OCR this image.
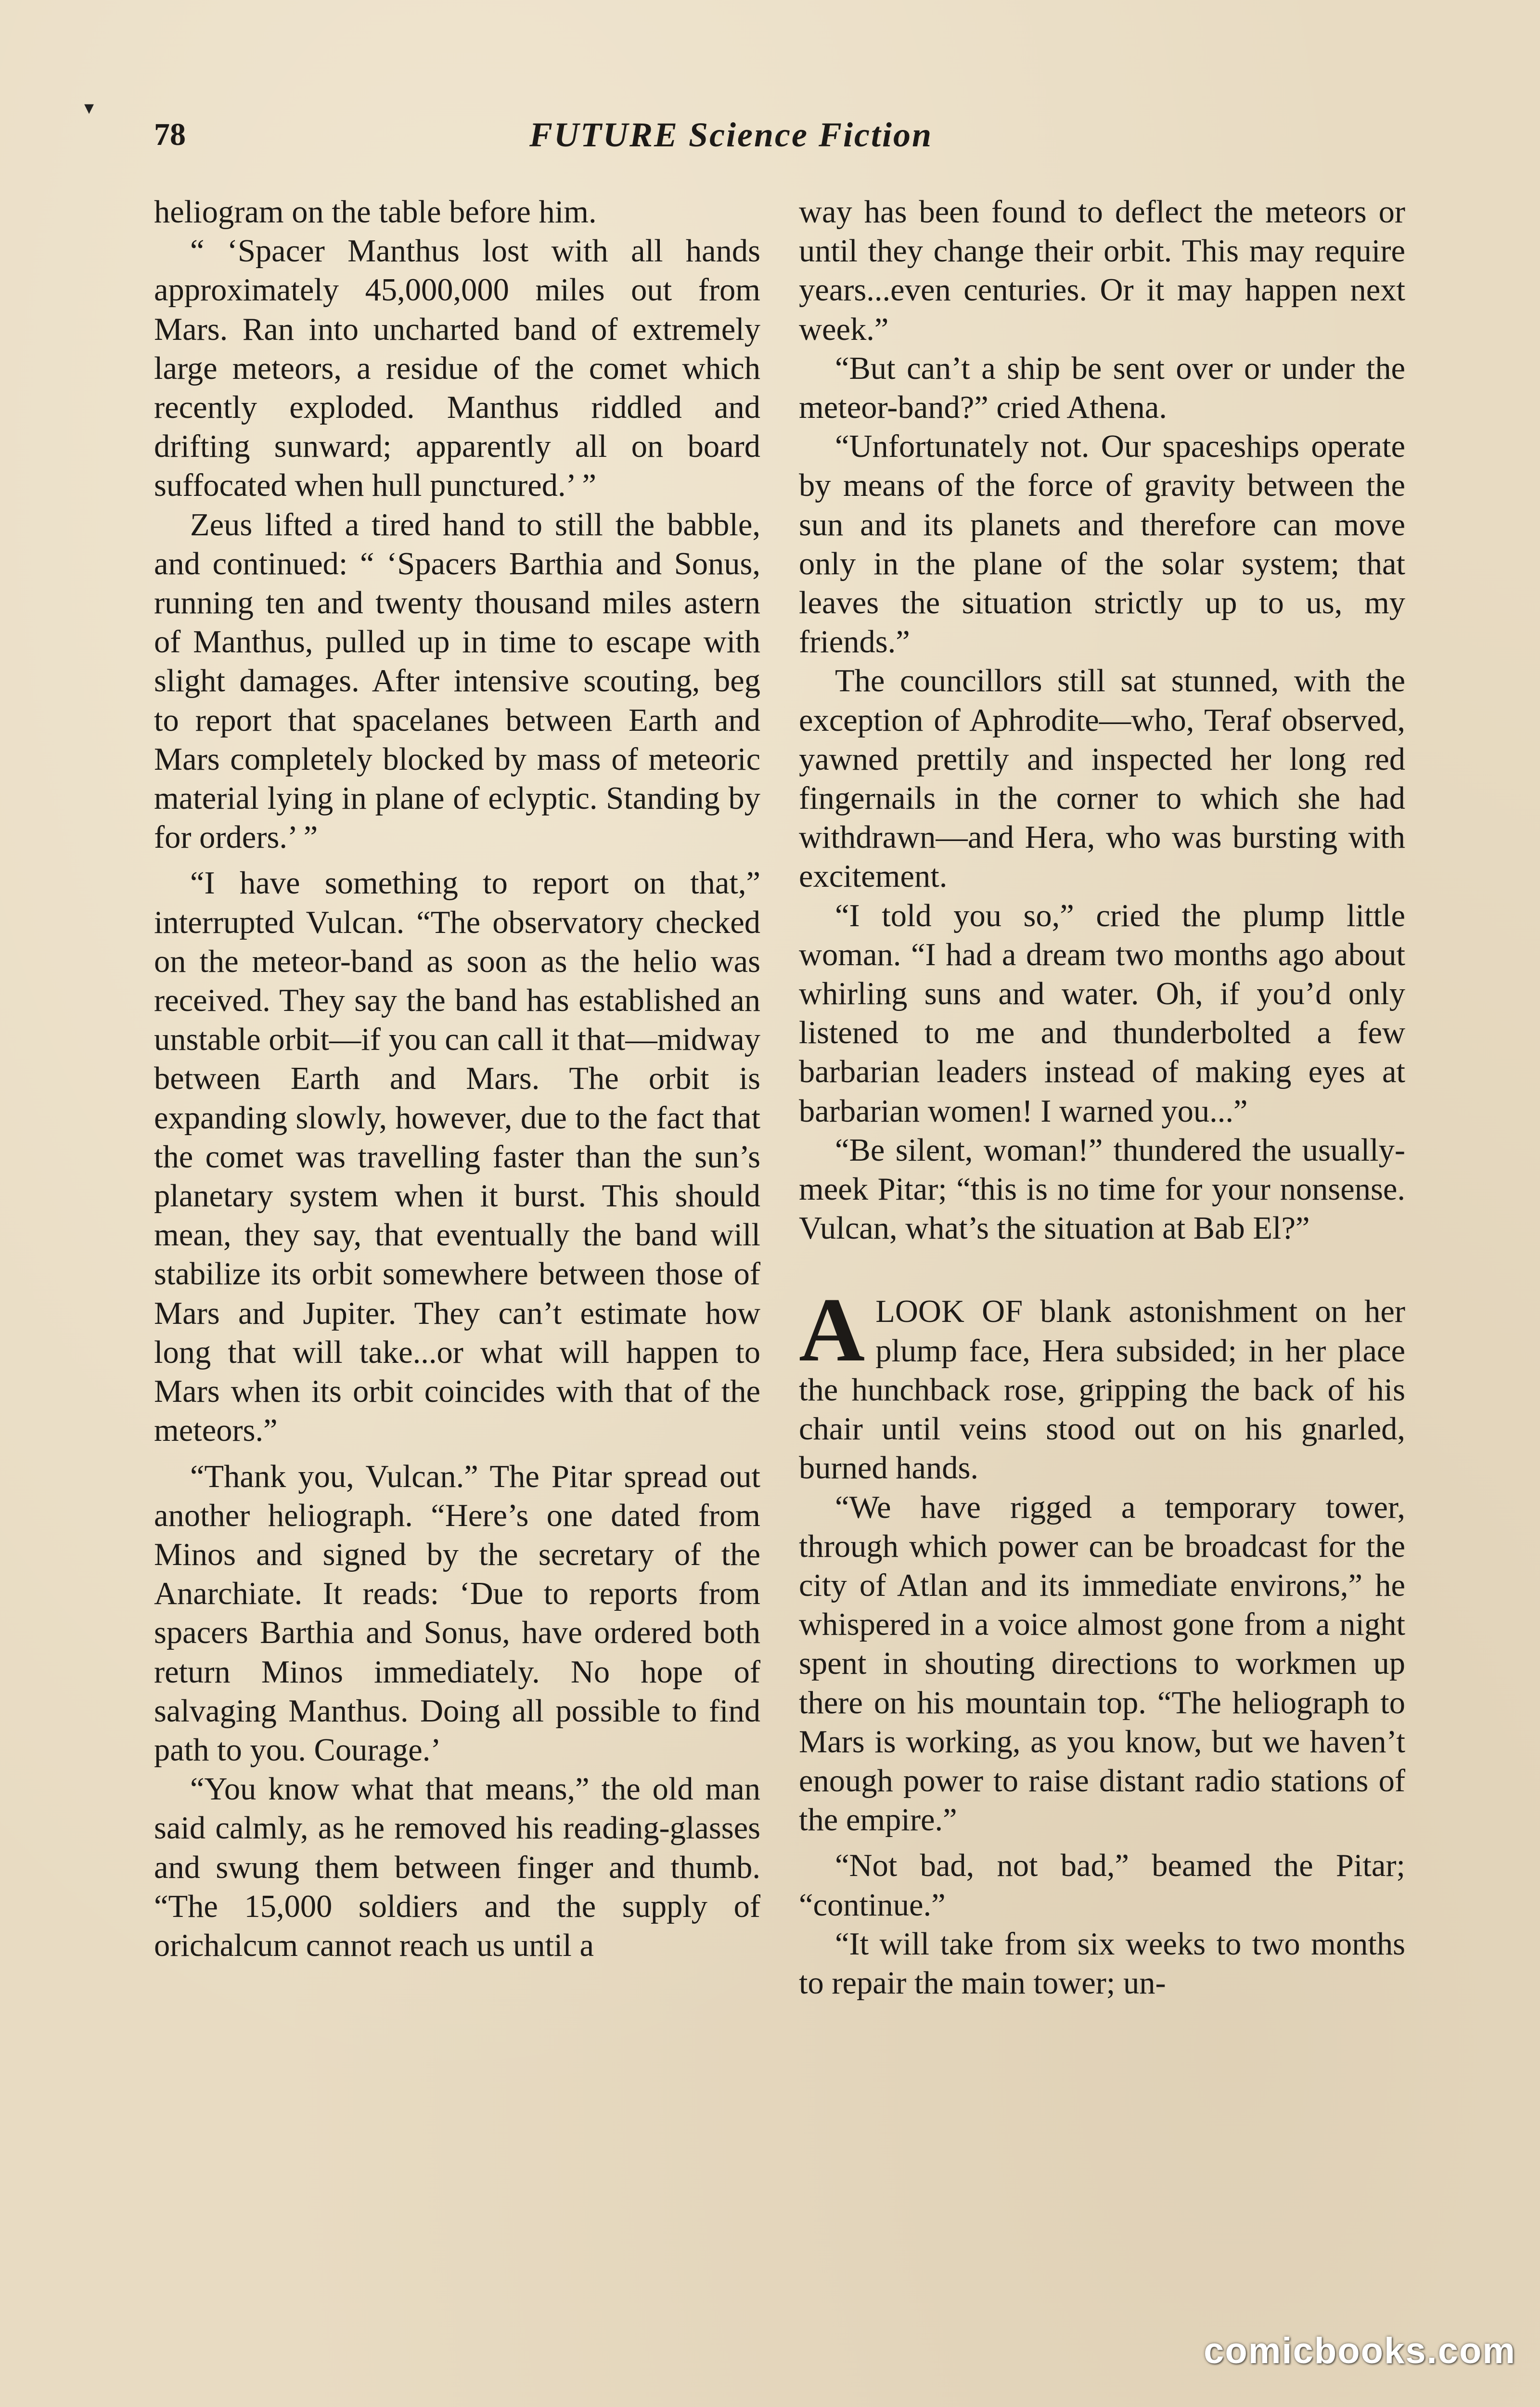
78	FUTURE Science Fiction
▾

heliogram on the table before him.

“ ‘Spacer Manthus lost with all hands approximately 45,000,000 miles out from Mars. Ran into uncharted band of extremely large meteors, a residue of the comet which recently exploded. Manthus riddled and drifting sunward; apparently all on board suffocated when hull punctured.’ ”

Zeus lifted a tired hand to still the babble, and continued: “ ‘Spacers Barthia and Sonus, running ten and twenty thousand miles astern of Manthus, pulled up in time to escape with slight damages. After intensive scouting, beg to report that spacelanes between Earth and Mars completely blocked by mass of meteoric material lying in plane of eclyptic. Standing by for orders.’ ”

“I have something to report on that,” interrupted Vulcan. “The observatory checked on the meteor-band as soon as the helio was received. They say the band has established an unstable orbit—if you can call it that—midway between Earth and Mars. The orbit is expanding slowly, however, due to the fact that the comet was travelling faster than the sun’s planetary system when it burst. This should mean, they say, that eventually the band will stabilize its orbit somewhere between those of Mars and Jupiter. They can’t estimate how long that will take...or what will happen to Mars when its orbit coincides with that of the meteors.”

“Thank you, Vulcan.” The Pitar spread out another heliograph. “Here’s one dated from Minos and signed by the secretary of the Anarchiate. It reads: ‘Due to reports from spacers Barthia and Sonus, have ordered both return Minos immediately. No hope of salvaging Manthus. Doing all possible to find path to you. Courage.’

“You know what that means,” the old man said calmly, as he removed his reading-glasses and swung them between finger and thumb. “The 15,000 soldiers and the supply of orichalcum cannot reach us until a

way has been found to deflect the meteors or until they change their orbit. This may require years...even centuries. Or it may happen next week.”

“But can’t a ship be sent over or under the meteor-band?” cried Athena.

“Unfortunately not. Our spaceships operate by means of the force of gravity between the sun and its planets and therefore can move only in the plane of the solar system; that leaves the situation strictly up to us, my friends.”

The councillors still sat stunned, with the exception of Aphrodite—who, Teraf observed, yawned prettily and inspected her long red fingernails in the corner to which she had withdrawn—and Hera, who was bursting with excitement.

“I told you so,” cried the plump little woman. “I had a dream two months ago about whirling suns and water. Oh, if you’d only listened to me and thunderbolted a few barbarian leaders instead of making eyes at barbarian women! I warned you...”

“Be silent, woman!” thundered the usually-meek Pitar; “this is no time for your nonsense. Vulcan, what’s the situation at Bab El?”

ALOOK OF blank astonishment on her plump face, Hera subsided; in her place the hunchback rose, gripping the back of his chair until veins stood out on his gnarled, burned hands.

“We have rigged a temporary tower, through which power can be broadcast for the city of Atlan and its immediate environs,” he whispered in a voice almost gone from a night spent in shouting directions to workmen up there on his mountain top. “The heliograph to Mars is working, as you know, but we haven’t enough power to raise distant radio stations of the empire.”

“Not bad, not bad,” beamed the Pitar; “continue.”

“It will take from six weeks to two months to repair the main tower; un-

comicbooks.com
